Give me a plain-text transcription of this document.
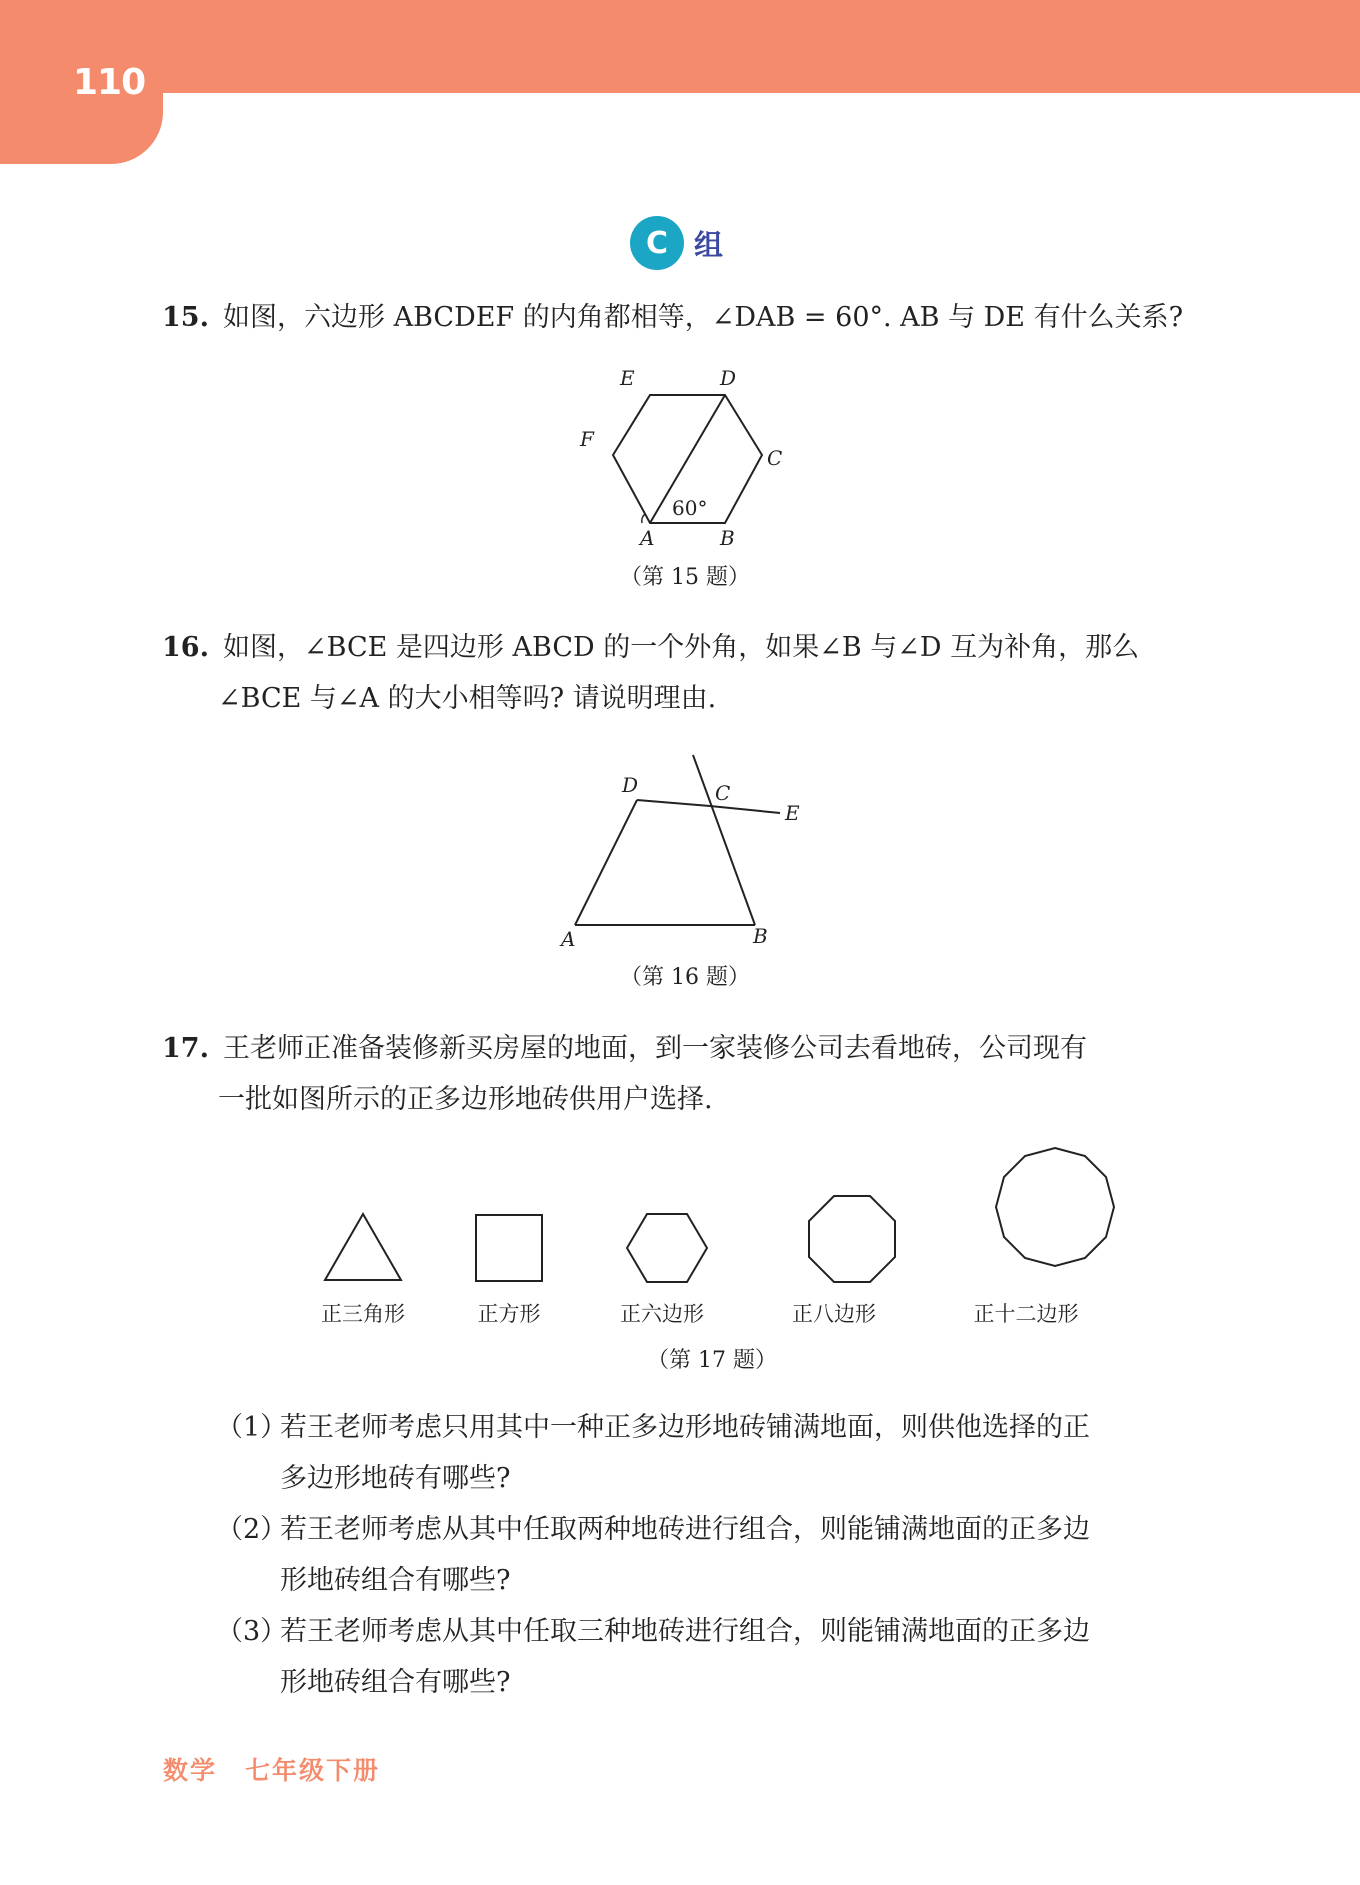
110
C 组
15. 如图，六边形 ABCDEF 的内角都相等，∠DAB = 60°. AB 与 DE 有什么关系?
E	D
F
C
A	B
60°
（第 15 题）
16. 如图，∠BCE 是四边形 ABCD 的一个外角，如果∠B 与∠D 互为补角，那么
∠BCE 与∠A 的大小相等吗? 请说明理由.
D	C
E
A	B
（第 16 题）
17. 王老师正准备装修新买房屋的地面，到一家装修公司去看地砖，公司现有
一批如图所示的正多边形地砖供用户选择.
正三角形	正方形	正六边形	正八边形	正十二边形
（第 17 题）
（1）若王老师考虑只用其中一种正多边形地砖铺满地面，则供他选择的正
多边形地砖有哪些?
（2）若王老师考虑从其中任取两种地砖进行组合，则能铺满地面的正多边
形地砖组合有哪些?
（3）若王老师考虑从其中任取三种地砖进行组合，则能铺满地面的正多边
形地砖组合有哪些?
数学 七年级下册
